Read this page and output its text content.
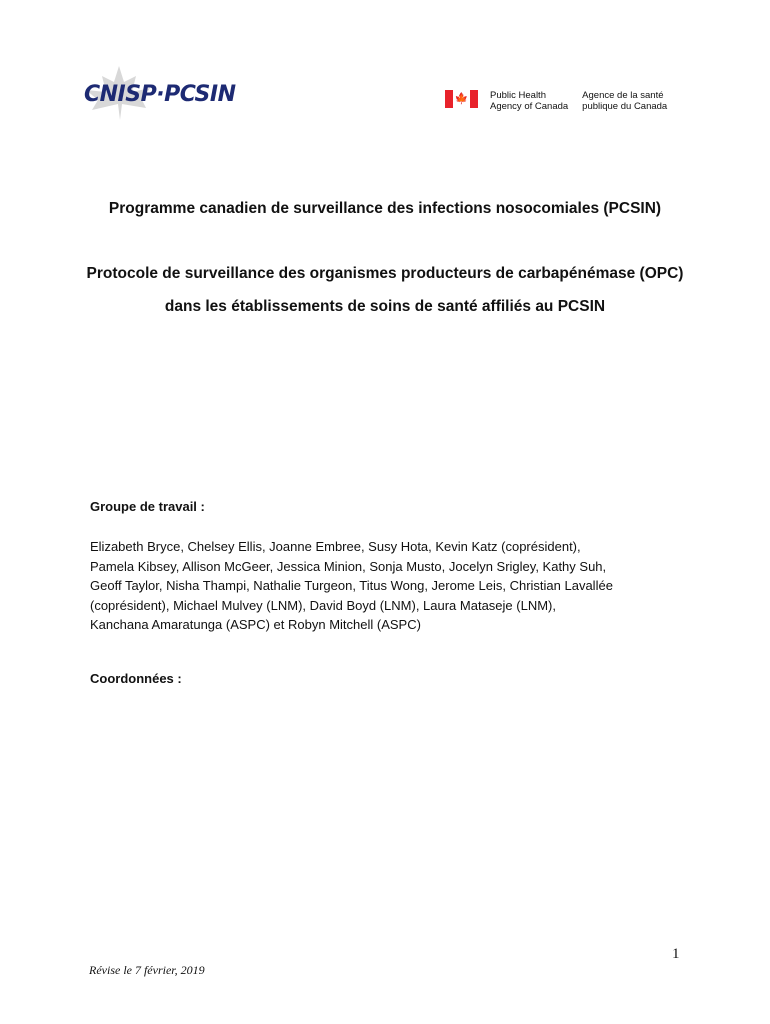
CNISP·PCSIN	🍁 Public Health
Agency of Canada
Agence de la santé
publique du Canada
Programme canadien de surveillance des infections nosocomiales (PCSIN)
Protocole de surveillance des organismes producteurs de carbapénémase (OPC)
dans les établissements de soins de santé affiliés au PCSIN
Groupe de travail :
Elizabeth Bryce, Chelsey Ellis, Joanne Embree, Susy Hota, Kevin Katz (coprésident),
Pamela Kibsey, Allison McGeer, Jessica Minion, Sonja Musto, Jocelyn Srigley, Kathy Suh,
Geoff Taylor, Nisha Thampi, Nathalie Turgeon, Titus Wong, Jerome Leis, Christian Lavallée
(coprésident), Michael Mulvey (LNM), David Boyd (LNM), Laura Mataseje (LNM),
Kanchana Amaratunga (ASPC) et Robyn Mitchell (ASPC)
Coordonnées :
1
Révise le 7 février, 2019
